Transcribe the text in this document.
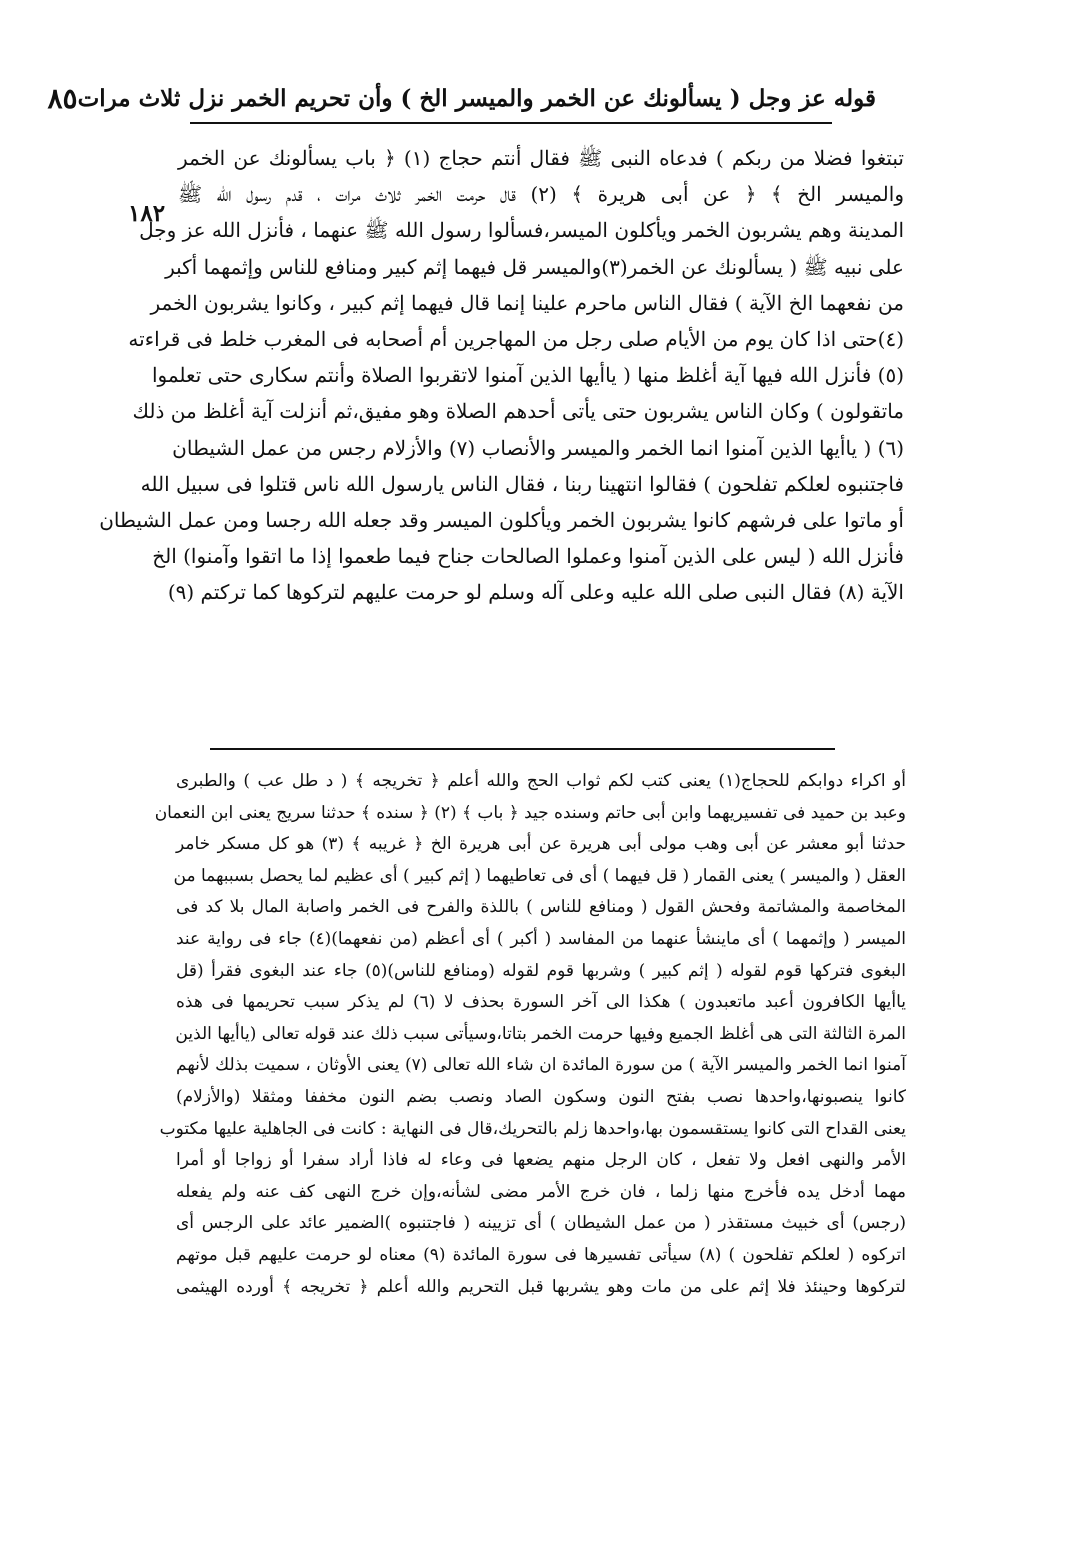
قوله عز وجل ( يسألونك عن الخمر والميسر الخ ) وأن تحريم الخمر نزل ثلاث مرات
٨٥
١٨٢
تبتغوا فضلا من ربكم ) فدعاه النبى ﷺ فقال أنتم حجاج (١) ﴿ باب يسألونك عن الخمر
والميسر الخ ﴾ ﴿ عن أبى هريرة ﴾ (٢) قال حرمت الخمر ثلاث مرات ، قدم رسول الله ﷺ
المدينة وهم يشربون الخمر ويأكلون الميسر،فسألوا رسول الله ﷺ عنهما ، فأنزل الله عز وجل
على نبيه ﷺ ( يسألونك عن الخمر(٣)والميسر قل فيهما إثم كبير ومنافع للناس وإثمهما أكبر
من نفعهما الخ الآية ) فقال الناس ماحرم علينا إنما قال فيهما إثم كبير ، وكانوا يشربون الخمر
(٤)حتى اذا كان يوم من الأيام صلى رجل من المهاجرين أم أصحابه فى المغرب خلط فى قراءته
(٥) فأنزل الله فيها آية أغلظ منها ( ياأيها الذين آمنوا لاتقربوا الصلاة وأنتم سكارى حتى تعلموا
ماتقولون ) وكان الناس يشربون حتى يأتى أحدهم الصلاة وهو مفيق،ثم أنزلت آية أغلظ من ذلك
(٦) ( ياأيها الذين آمنوا انما الخمر والميسر والأنصاب (٧) والأزلام رجس من عمل الشيطان
فاجتنبوه لعلكم تفلحون ) فقالوا انتهينا ربنا ، فقال الناس يارسول الله ناس قتلوا فى سبيل الله
أو ماتوا على فرشهم كانوا يشربون الخمر ويأكلون الميسر وقد جعله الله رجسا ومن عمل الشيطان
فأنزل الله ( ليس على الذين آمنوا وعملوا الصالحات جناح فيما طعموا إذا ما اتقوا وآمنوا) الخ
الآية (٨) فقال النبى صلى الله عليه وعلى آله وسلم لو حرمت عليهم لتركوها كما تركتم (٩)
أو اكراء دوابكم للحجاج(١) يعنى كتب لكم ثواب الحج والله أعلم ﴿ تخريجه ﴾ ( د طل عب ) والطبرى
وعبد بن حميد فى تفسيريهما وابن أبى حاتم وسنده جيد ﴿ باب ﴾ (٢) ﴿ سنده ﴾ حدثنا سريج يعنى ابن النعمان
حدثنا أبو معشر عن أبى وهب مولى أبى هريرة عن أبى هريرة الخ ﴿ غريبه ﴾ (٣) هو كل مسكر خامر
العقل ( والميسر ) يعنى القمار ( قل فيهما ) أى فى تعاطيهما ( إثم كبير ) أى عظيم لما يحصل بسببهما من
المخاصمة والمشاتمة وفحش القول ( ومنافع للناس ) باللذة والفرح فى الخمر واصابة المال بلا كد فى
الميسر ( وإثمهما ) أى ماينشأ عنهما من المفاسد ( أكبر ) أى أعظم (من نفعهما)(٤) جاء فى رواية عند
البغوى فتركها قوم لقوله ( إثم كبير ) وشربها قوم لقوله (ومنافع للناس)(٥) جاء عند البغوى فقرأ (قل
ياأيها الكافرون أعبد ماتعبدون ) هكذا الى آخر السورة بحذف لا (٦) لم يذكر سبب تحريمها فى هذه
المرة الثالثة التى هى أغلظ الجميع وفيها حرمت الخمر بتاتا،وسيأتى سبب ذلك عند قوله تعالى (ياأيها الذين
آمنوا انما الخمر والميسر الآية ) من سورة المائدة ان شاء الله تعالى (٧) يعنى الأوثان ، سميت بذلك لأنهم
كانوا ينصبونها،واحدها نصب بفتح النون وسكون الصاد ونصب بضم النون مخففا ومثقلا (والأزلام)
يعنى القداح التى كانوا يستقسمون بها،واحدها زلم بالتحريك،قال فى النهاية : كانت فى الجاهلية عليها مكتوب
الأمر والنهى افعل ولا تفعل ، كان الرجل منهم يضعها فى وعاء له فاذا أراد سفرا أو زواجا أو أمرا
مهما أدخل يده فأخرج منها زلما ، فان خرج الأمر مضى لشأنه،وإن خرج النهى كف عنه ولم يفعله
(رجس) أى خبيث مستقذر ( من عمل الشيطان ) أى تزيينه ( فاجتنبوه )الضمير عائد على الرجس أى
اتركوه ( لعلكم تفلحون ) (٨) سيأتى تفسيرها فى سورة المائدة (٩) معناه لو حرمت عليهم قبل موتهم
لتركوها وحينئذ فلا إثم على من مات وهو يشربها قبل التحريم والله أعلم ﴿ تخريجه ﴾ أورده الهيثمى
